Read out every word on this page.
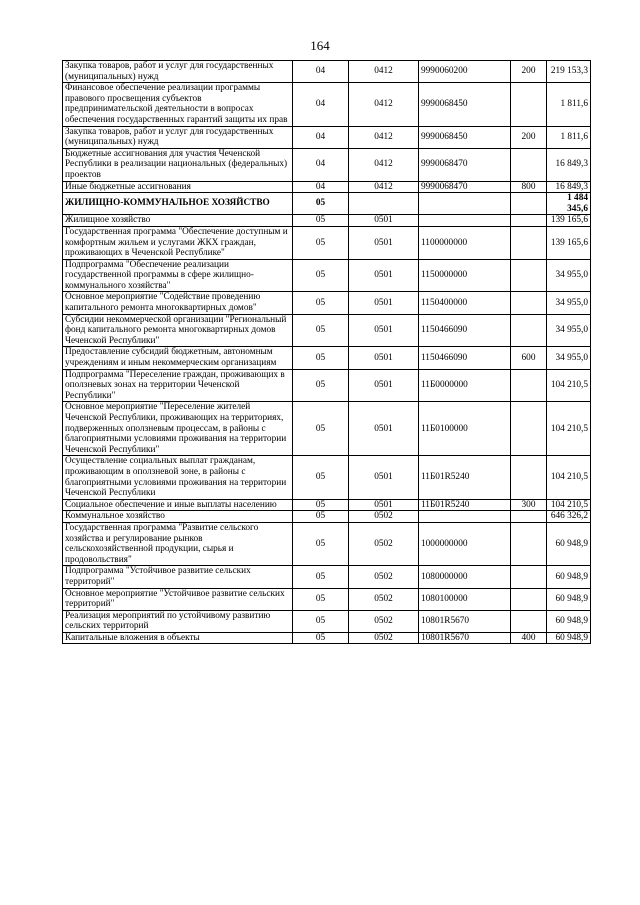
164
Закупка товаров, работ и услуг для государственных (муниципальных) нужд	04	0412	9990060200	200	219 153,3
Финансовое обеспечение реализации программы правового просвещения субъектов предпринимательской деятельности в вопросах обеспечения государственных гарантий защиты их прав	04	0412	9990068450		1 811,6
Закупка товаров, работ и услуг для государственных (муниципальных) нужд	04	0412	9990068450	200	1 811,6
Бюджетные ассигнования для участия Чеченской Республики в реализации национальных (федеральных) проектов	04	0412	9990068470		16 849,3
Иные бюджетные ассигнования	04	0412	9990068470	800	16 849,3
ЖИЛИЩНО-КОММУНАЛЬНОЕ ХОЗЯЙСТВО	05				1 484 345,6
Жилищное хозяйство	05	0501			139 165,6
Государственная программа "Обеспечение доступным и комфортным жильем и услугами ЖКХ граждан, проживающих в Чеченской Республике"	05	0501	1100000000		139 165,6
Подпрограмма "Обеспечение реализации государственной программы в сфере жилищно-коммунального хозяйства"	05	0501	1150000000		34 955,0
Основное мероприятие "Содействие проведению капитального ремонта многоквартирных домов"	05	0501	1150400000		34 955,0
Субсидии некоммерческой организации "Региональный фонд капитального ремонта многоквартирных домов Чеченской Республики"	05	0501	1150466090		34 955,0
Предоставление субсидий бюджетным, автономным учреждениям и иным некоммерческим организациям	05	0501	1150466090	600	34 955,0
Подпрограмма "Переселение граждан, проживающих в оползневых зонах на территории Чеченской Республики"	05	0501	11Б0000000		104 210,5
Основное мероприятие "Переселение жителей Чеченской Республики, проживающих на территориях, подверженных оползневым процессам, в районы с благоприятными условиями проживания на территории Чеченской Республики"	05	0501	11Б0100000		104 210,5
Осуществление социальных выплат гражданам, проживающим в оползневой зоне, в районы с благоприятными условиями проживания на территории Чеченской Республики	05	0501	11Б01R5240		104 210,5
Социальное обеспечение и иные выплаты населению	05	0501	11Б01R5240	300	104 210,5
Коммунальное хозяйство	05	0502			646 326,2
Государственная программа "Развитие сельского хозяйства и регулирование рынков сельскохозяйственной продукции, сырья и продовольствия"	05	0502	1000000000		60 948,9
Подпрограмма "Устойчивое развитие сельских территорий"	05	0502	1080000000		60 948,9
Основное мероприятие "Устойчивое развитие сельских территорий"	05	0502	1080100000		60 948,9
Реализация мероприятий по устойчивому развитию сельских территорий	05	0502	10801R5670		60 948,9
Капитальные вложения в объекты	05	0502	10801R5670	400	60 948,9
